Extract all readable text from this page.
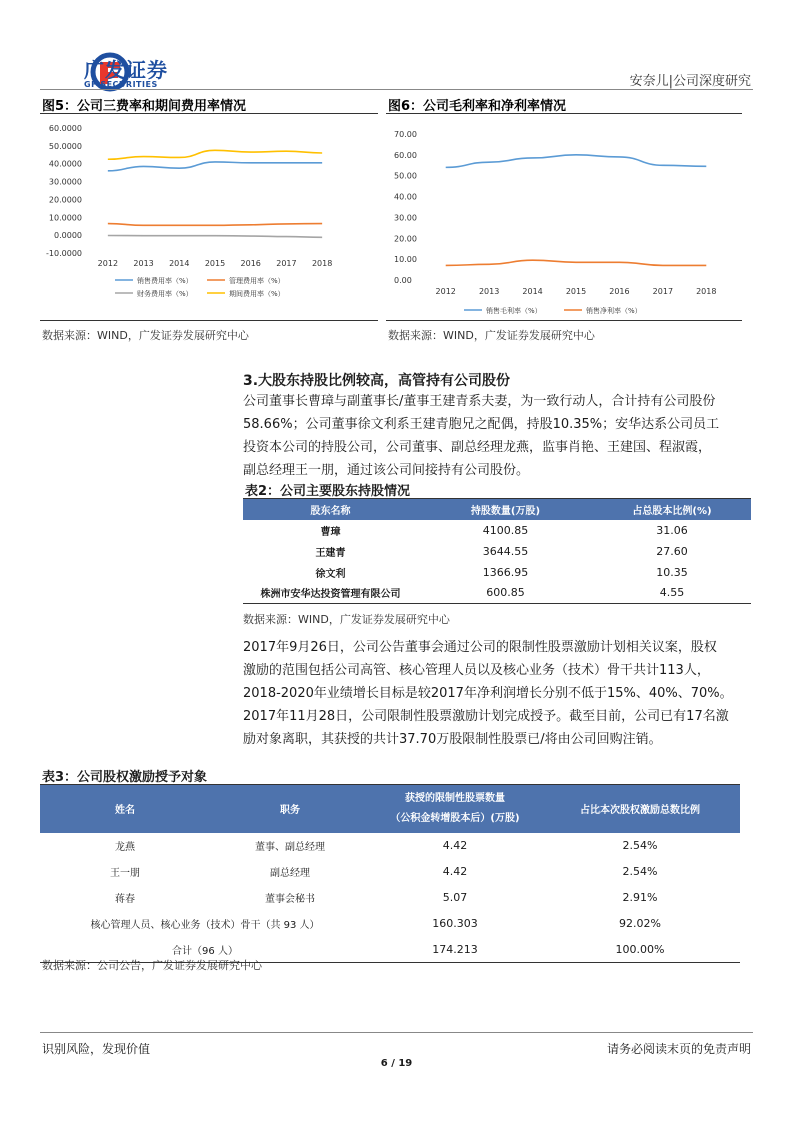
广发证券
GF SECURITIES	安奈儿|公司深度研究
图5：公司三费率和期间费用率情况
60.0000
50.0000
40.0000
30.0000
20.0000
10.0000
0.0000
-10.0000
2012 2013 2014 2015 2016 2017 2018
销售费用率（%）	管理费用率（%）
财务费用率（%）	期间费用率（%）
数据来源：WIND，广发证券发展研究中心
图6：公司毛利率和净利率情况
70.00
60.00
50.00
40.00
30.00
20.00
10.00
0.00
2012	2013	2014	2015	2016	2017	2018
销售毛利率（%）	销售净利率（%）
数据来源：WIND，广发证券发展研究中心
3.大股东持股比例较高，高管持有公司股份
公司董事长曹璋与副董事长/董事王建青系夫妻，为一致行动人，合计持有公司股份
58.66%；公司董事徐文利系王建青胞兄之配偶，持股10.35%；安华达系公司员工
投资本公司的持股公司，公司董事、副总经理龙燕，监事肖艳、王建国、程淑霞，
副总经理王一朋，通过该公司间接持有公司股份。
表2：公司主要股东持股情况
股东名称	持股数量(万股)	占总股本比例(%)
曹璋	4100.85	31.06
王建青	3644.55	27.60
徐文利	1366.95	10.35
株洲市安华达投资管理有限公司	600.85	4.55
数据来源：WIND，广发证券发展研究中心
2017年9月26日，公司公告董事会通过公司的限制性股票激励计划相关议案，股权
激励的范围包括公司高管、核心管理人员以及核心业务（技术）骨干共计113人，
2018-2020年业绩增长目标是较2017年净利润增长分别不低于15%、40%、70%。
2017年11月28日，公司限制性股票激励计划完成授予。截至目前，公司已有17名激
励对象离职，其获授的共计37.70万股限制性股票已/将由公司回购注销。
表3：公司股权激励授予对象
姓名	职务	获授的限制性股票数量
（公积金转增股本后）(万股)	占比本次股权激励总数比例
龙燕	董事、副总经理	4.42	2.54%
王一朋	副总经理	4.42	2.54%
蒋春	董事会秘书	5.07	2.91%
核心管理人员、核心业务（技术）骨干（共 93 人）		160.303	92.02%
合计（96 人）		174.213	100.00%
数据来源：公司公告，广发证券发展研究中心
识别风险，发现价值	请务必阅读末页的免责声明
6 / 19
